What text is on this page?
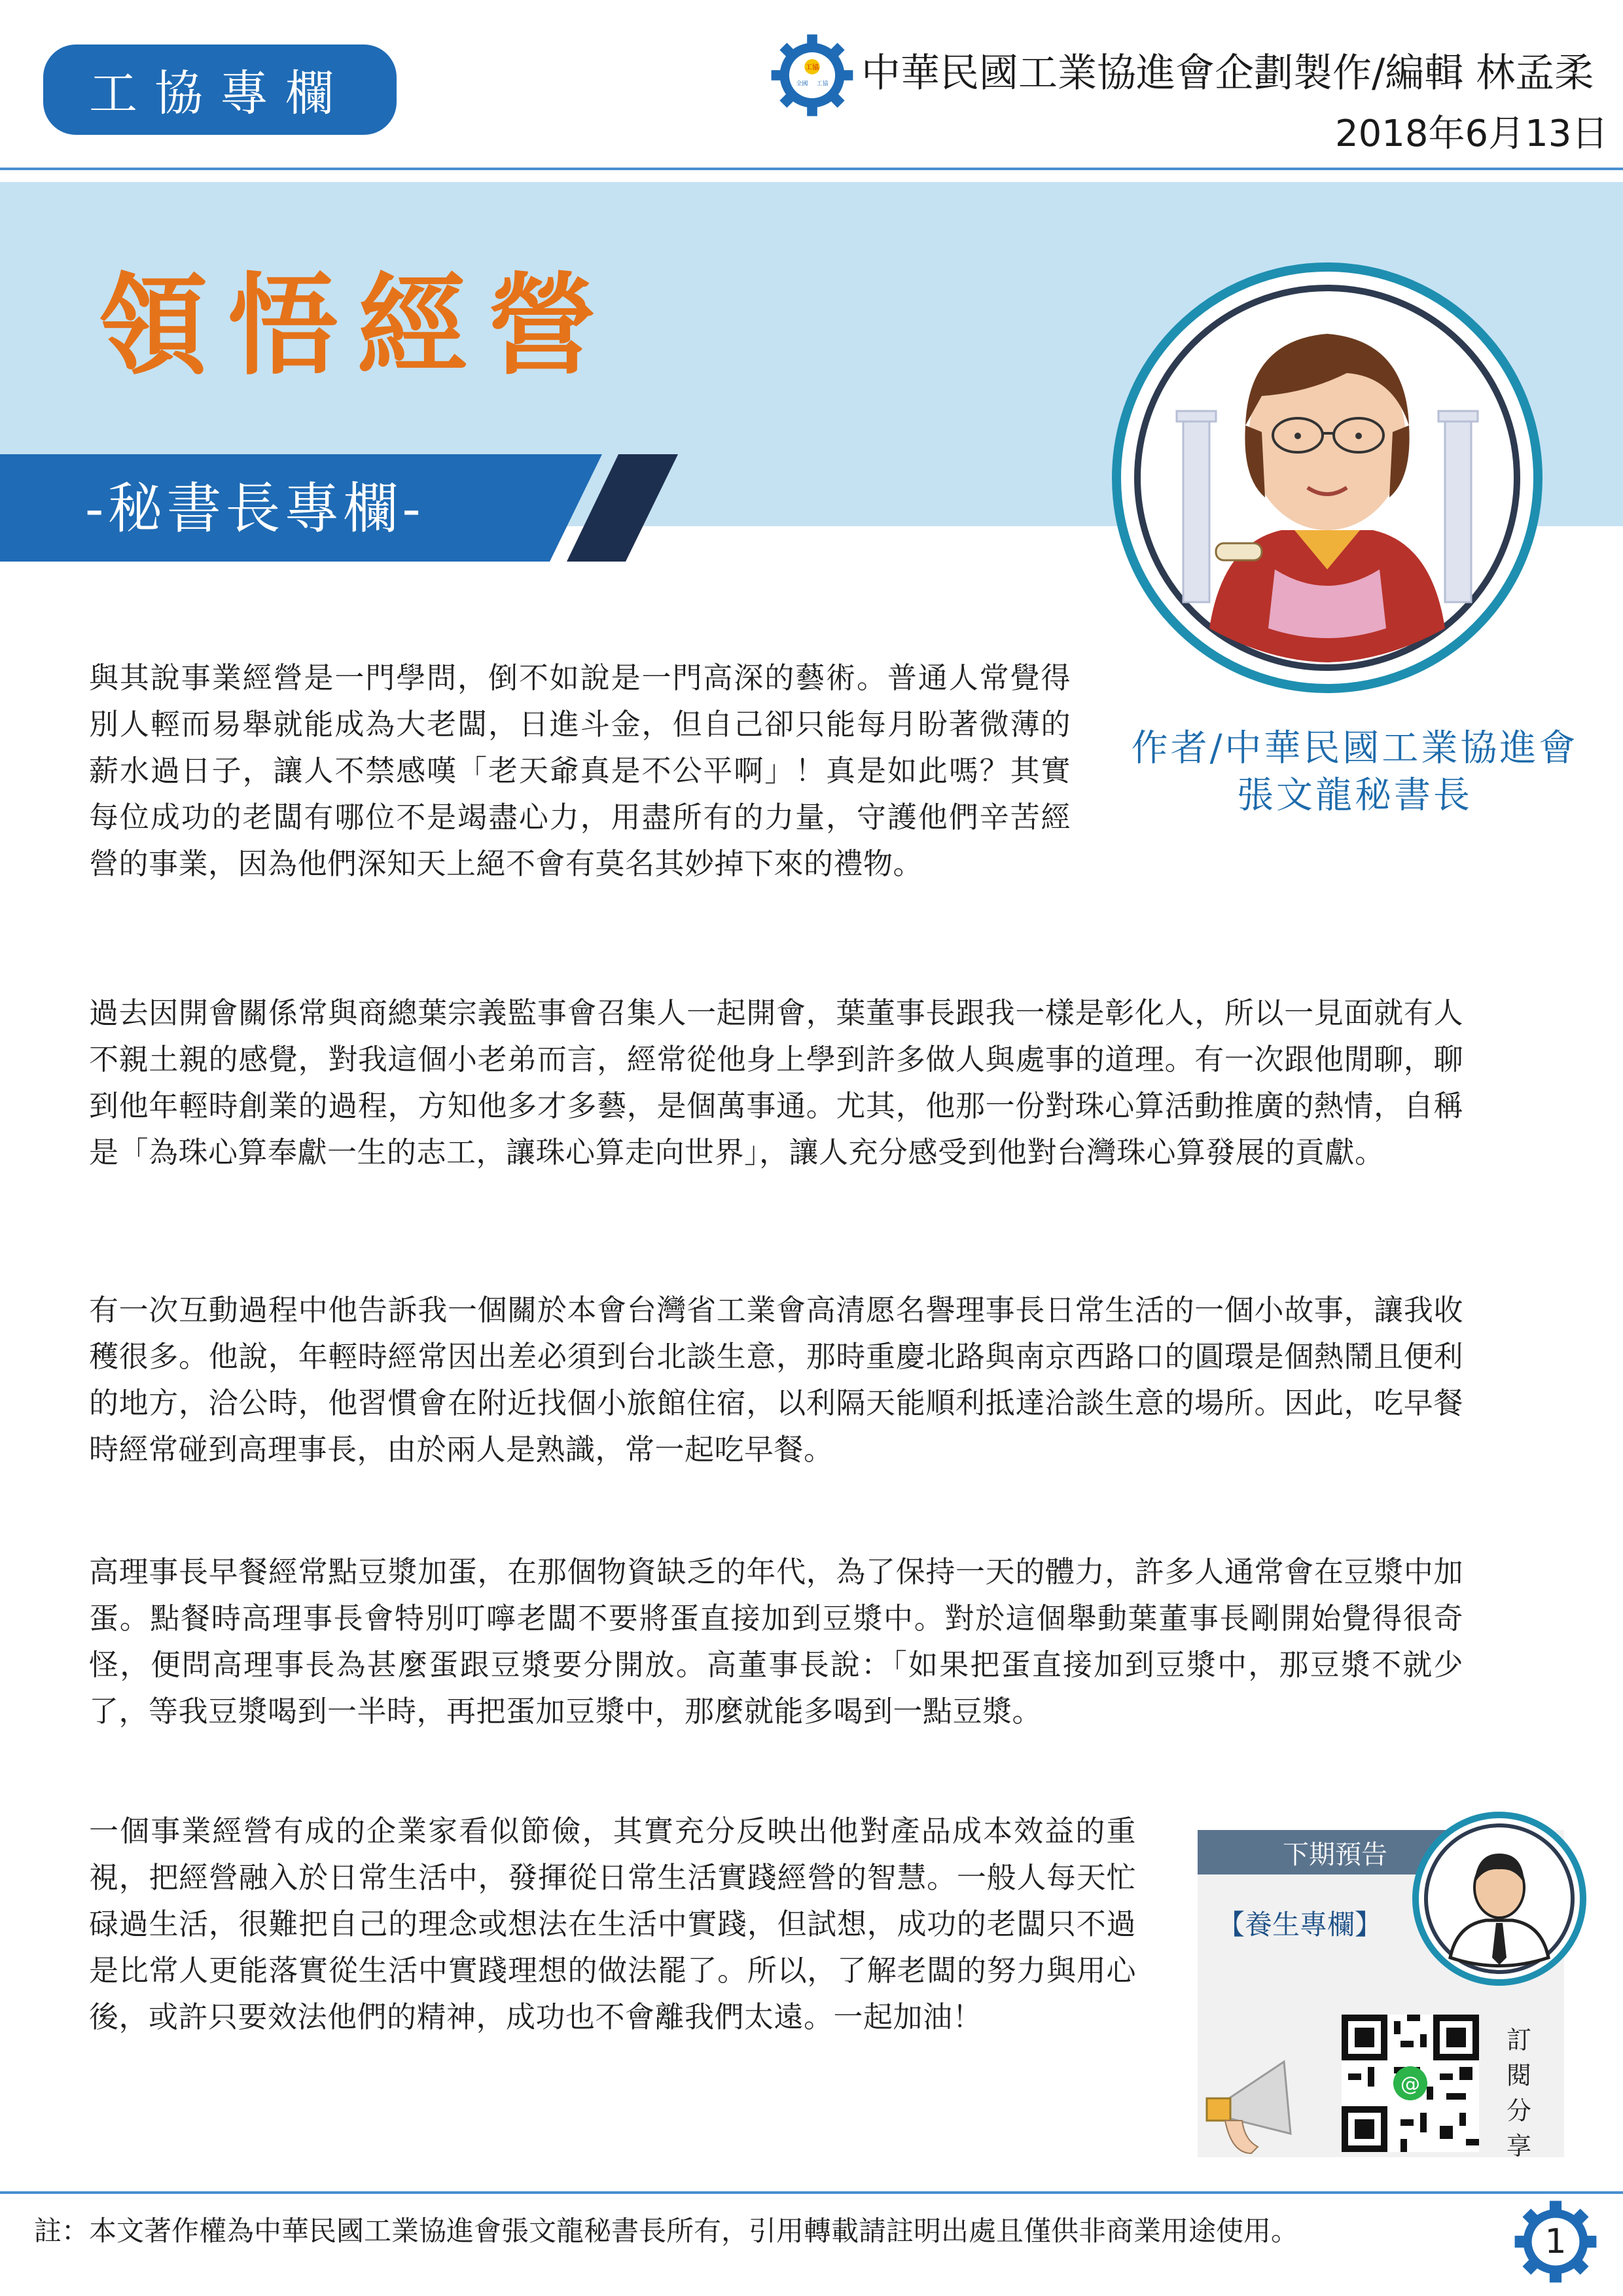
工協專欄	工協
全國 工協 中華民國工業協進會企劃製作/編輯 林孟柔
2018年6月13日
領悟經營
-秘書長專欄-
作者/中華民國工業協進會
張文龍秘書長
與其說事業經營是一門學問，倒不如說是一門高深的藝術。普通人常覺得別人輕而易舉就能成為大老闆，日進斗金，但自己卻只能每月盼著微薄的薪水過日子，讓人不禁感嘆「老天爺真是不公平啊」！真是如此嗎？其實每位成功的老闆有哪位不是竭盡心力，用盡所有的力量，守護他們辛苦經營的事業，因為他們深知天上絕不會有莫名其妙掉下來的禮物。
過去因開會關係常與商總葉宗義監事會召集人一起開會，葉董事長跟我一樣是彰化人，所以一見面就有人不親土親的感覺，對我這個小老弟而言，經常從他身上學到許多做人與處事的道理。有一次跟他閒聊，聊到他年輕時創業的過程，方知他多才多藝，是個萬事通。尤其，他那一份對珠心算活動推廣的熱情，自稱是「為珠心算奉獻一生的志工，讓珠心算走向世界」，讓人充分感受到他對台灣珠心算發展的貢獻。
有一次互動過程中他告訴我一個關於本會台灣省工業會高清愿名譽理事長日常生活的一個小故事，讓我收穫很多。他說，年輕時經常因出差必須到台北談生意，那時重慶北路與南京西路口的圓環是個熱鬧且便利的地方，洽公時，他習慣會在附近找個小旅館住宿，以利隔天能順利抵達洽談生意的場所。因此，吃早餐時經常碰到高理事長，由於兩人是熟識，常一起吃早餐。
高理事長早餐經常點豆漿加蛋，在那個物資缺乏的年代，為了保持一天的體力，許多人通常會在豆漿中加蛋。點餐時高理事長會特別叮嚀老闆不要將蛋直接加到豆漿中。對於這個舉動葉董事長剛開始覺得很奇怪，便問高理事長為甚麼蛋跟豆漿要分開放。高董事長說：「如果把蛋直接加到豆漿中，那豆漿不就少了，等我豆漿喝到一半時，再把蛋加豆漿中，那麼就能多喝到一點豆漿。
一個事業經營有成的企業家看似節儉，其實充分反映出他對產品成本效益的重視，把經營融入於日常生活中，發揮從日常生活實踐經營的智慧。一般人每天忙碌過生活，很難把自己的理念或想法在生活中實踐，但試想，成功的老闆只不過是比常人更能落實從生活中實踐理想的做法罷了。所以，了解老闆的努力與用心後，或許只要效法他們的精神，成功也不會離我們太遠。一起加油！
下期預告
【養生專欄】
@
訂閱分享
註：本文著作權為中華民國工業協進會張文龍秘書長所有，引用轉載請註明出處且僅供非商業用途使用。	1
